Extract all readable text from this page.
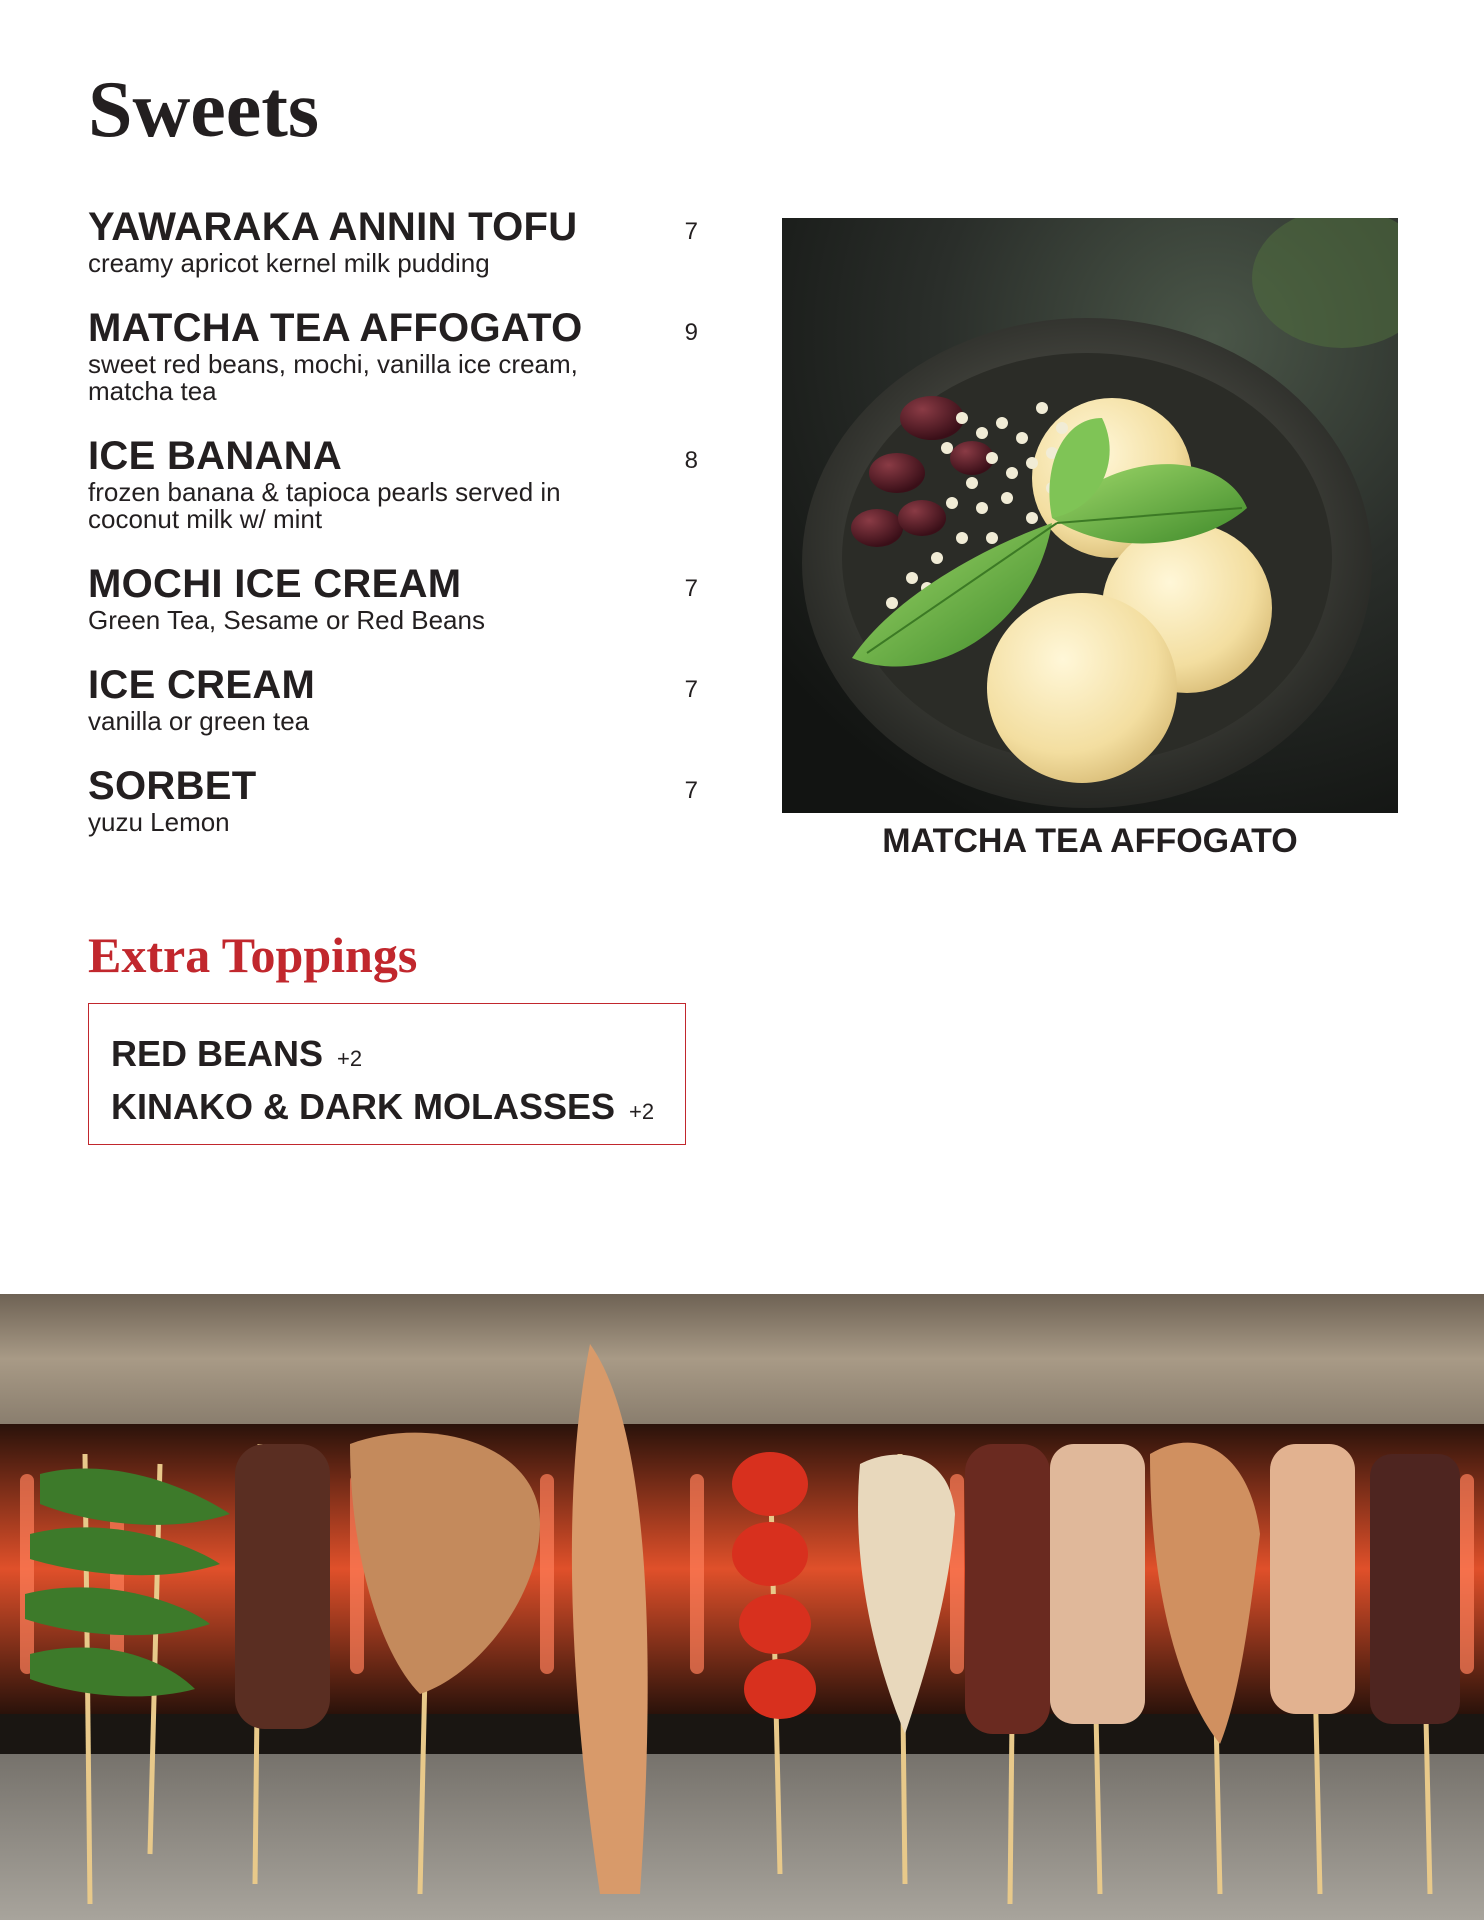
Sweets
YAWARAKA ANNIN TOFU	7
creamy apricot kernel milk pudding
MATCHA TEA AFFOGATO	9
sweet red beans, mochi, vanilla ice cream, matcha tea
ICE BANANA	8
frozen banana & tapioca pearls served in coconut milk w/ mint
MOCHI ICE CREAM	7
Green Tea, Sesame or Red Beans
ICE CREAM	7
vanilla or green tea
SORBET	7
yuzu Lemon
Extra Toppings
RED BEANS +2
KINAKO & DARK MOLASSES +2
MATCHA TEA AFFOGATO
